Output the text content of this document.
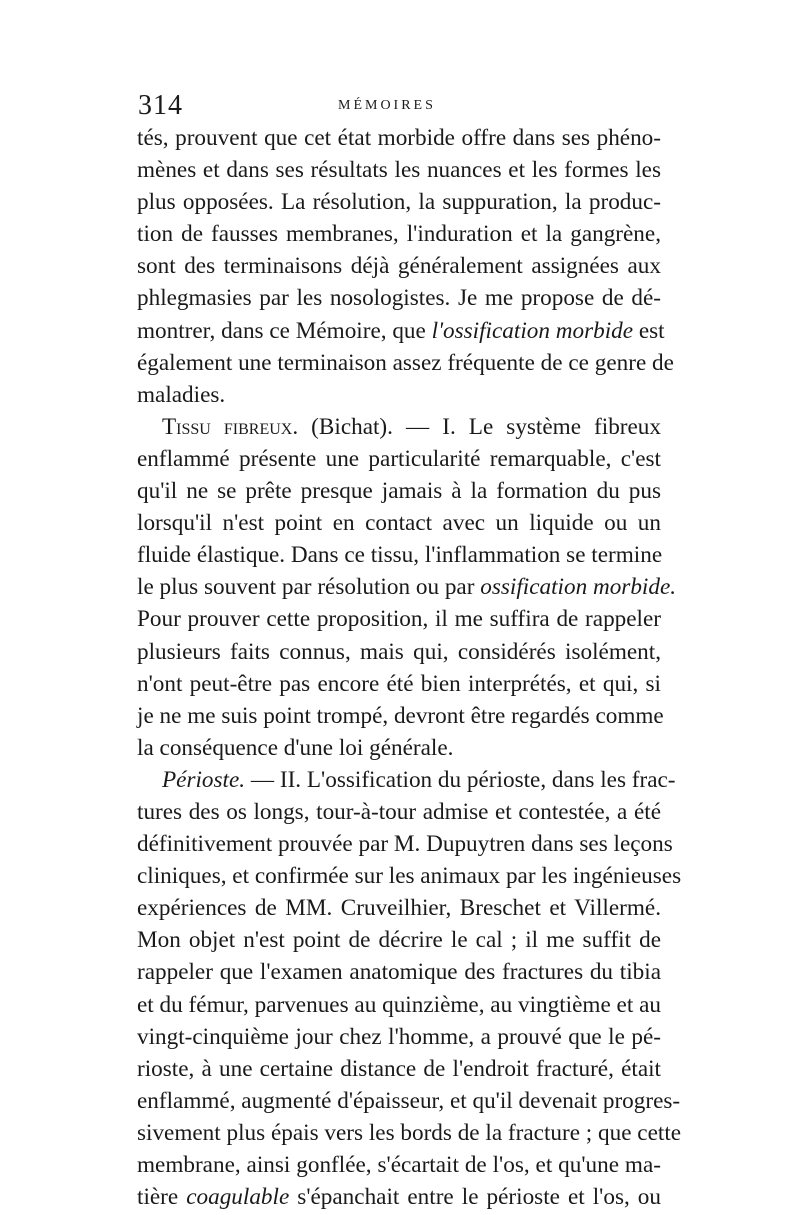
314	MÉMOIRES
tés, prouvent que cet état morbide offre dans ses phéno-
mènes et dans ses résultats les nuances et les formes les
plus opposées. La résolution, la suppuration, la produc-
tion de fausses membranes, l'induration et la gangrène,
sont des terminaisons déjà généralement assignées aux
phlegmasies par les nosologistes. Je me propose de dé-
montrer, dans ce Mémoire, que l'ossification morbide est
également une terminaison assez fréquente de ce genre de
maladies.
Tissu fibreux. (Bichat). — I. Le système fibreux
enflammé présente une particularité remarquable, c'est
qu'il ne se prête presque jamais à la formation du pus
lorsqu'il n'est point en contact avec un liquide ou un
fluide élastique. Dans ce tissu, l'inflammation se termine
le plus souvent par résolution ou par ossification morbide.
Pour prouver cette proposition, il me suffira de rappeler
plusieurs faits connus, mais qui, considérés isolément,
n'ont peut-être pas encore été bien interprétés, et qui, si
je ne me suis point trompé, devront être regardés comme
la conséquence d'une loi générale.
Périoste. — II. L'ossification du périoste, dans les frac-
tures des os longs, tour-à-tour admise et contestée, a été
définitivement prouvée par M. Dupuytren dans ses leçons
cliniques, et confirmée sur les animaux par les ingénieuses
expériences de MM. Cruveilhier, Breschet et Villermé.
Mon objet n'est point de décrire le cal ; il me suffit de
rappeler que l'examen anatomique des fractures du tibia
et du fémur, parvenues au quinzième, au vingtième et au
vingt-cinquième jour chez l'homme, a prouvé que le pé-
rioste, à une certaine distance de l'endroit fracturé, était
enflammé, augmenté d'épaisseur, et qu'il devenait progres-
sivement plus épais vers les bords de la fracture ; que cette
membrane, ainsi gonflée, s'écartait de l'os, et qu'une ma-
tière coagulable s'épanchait entre le périoste et l'os, ou
